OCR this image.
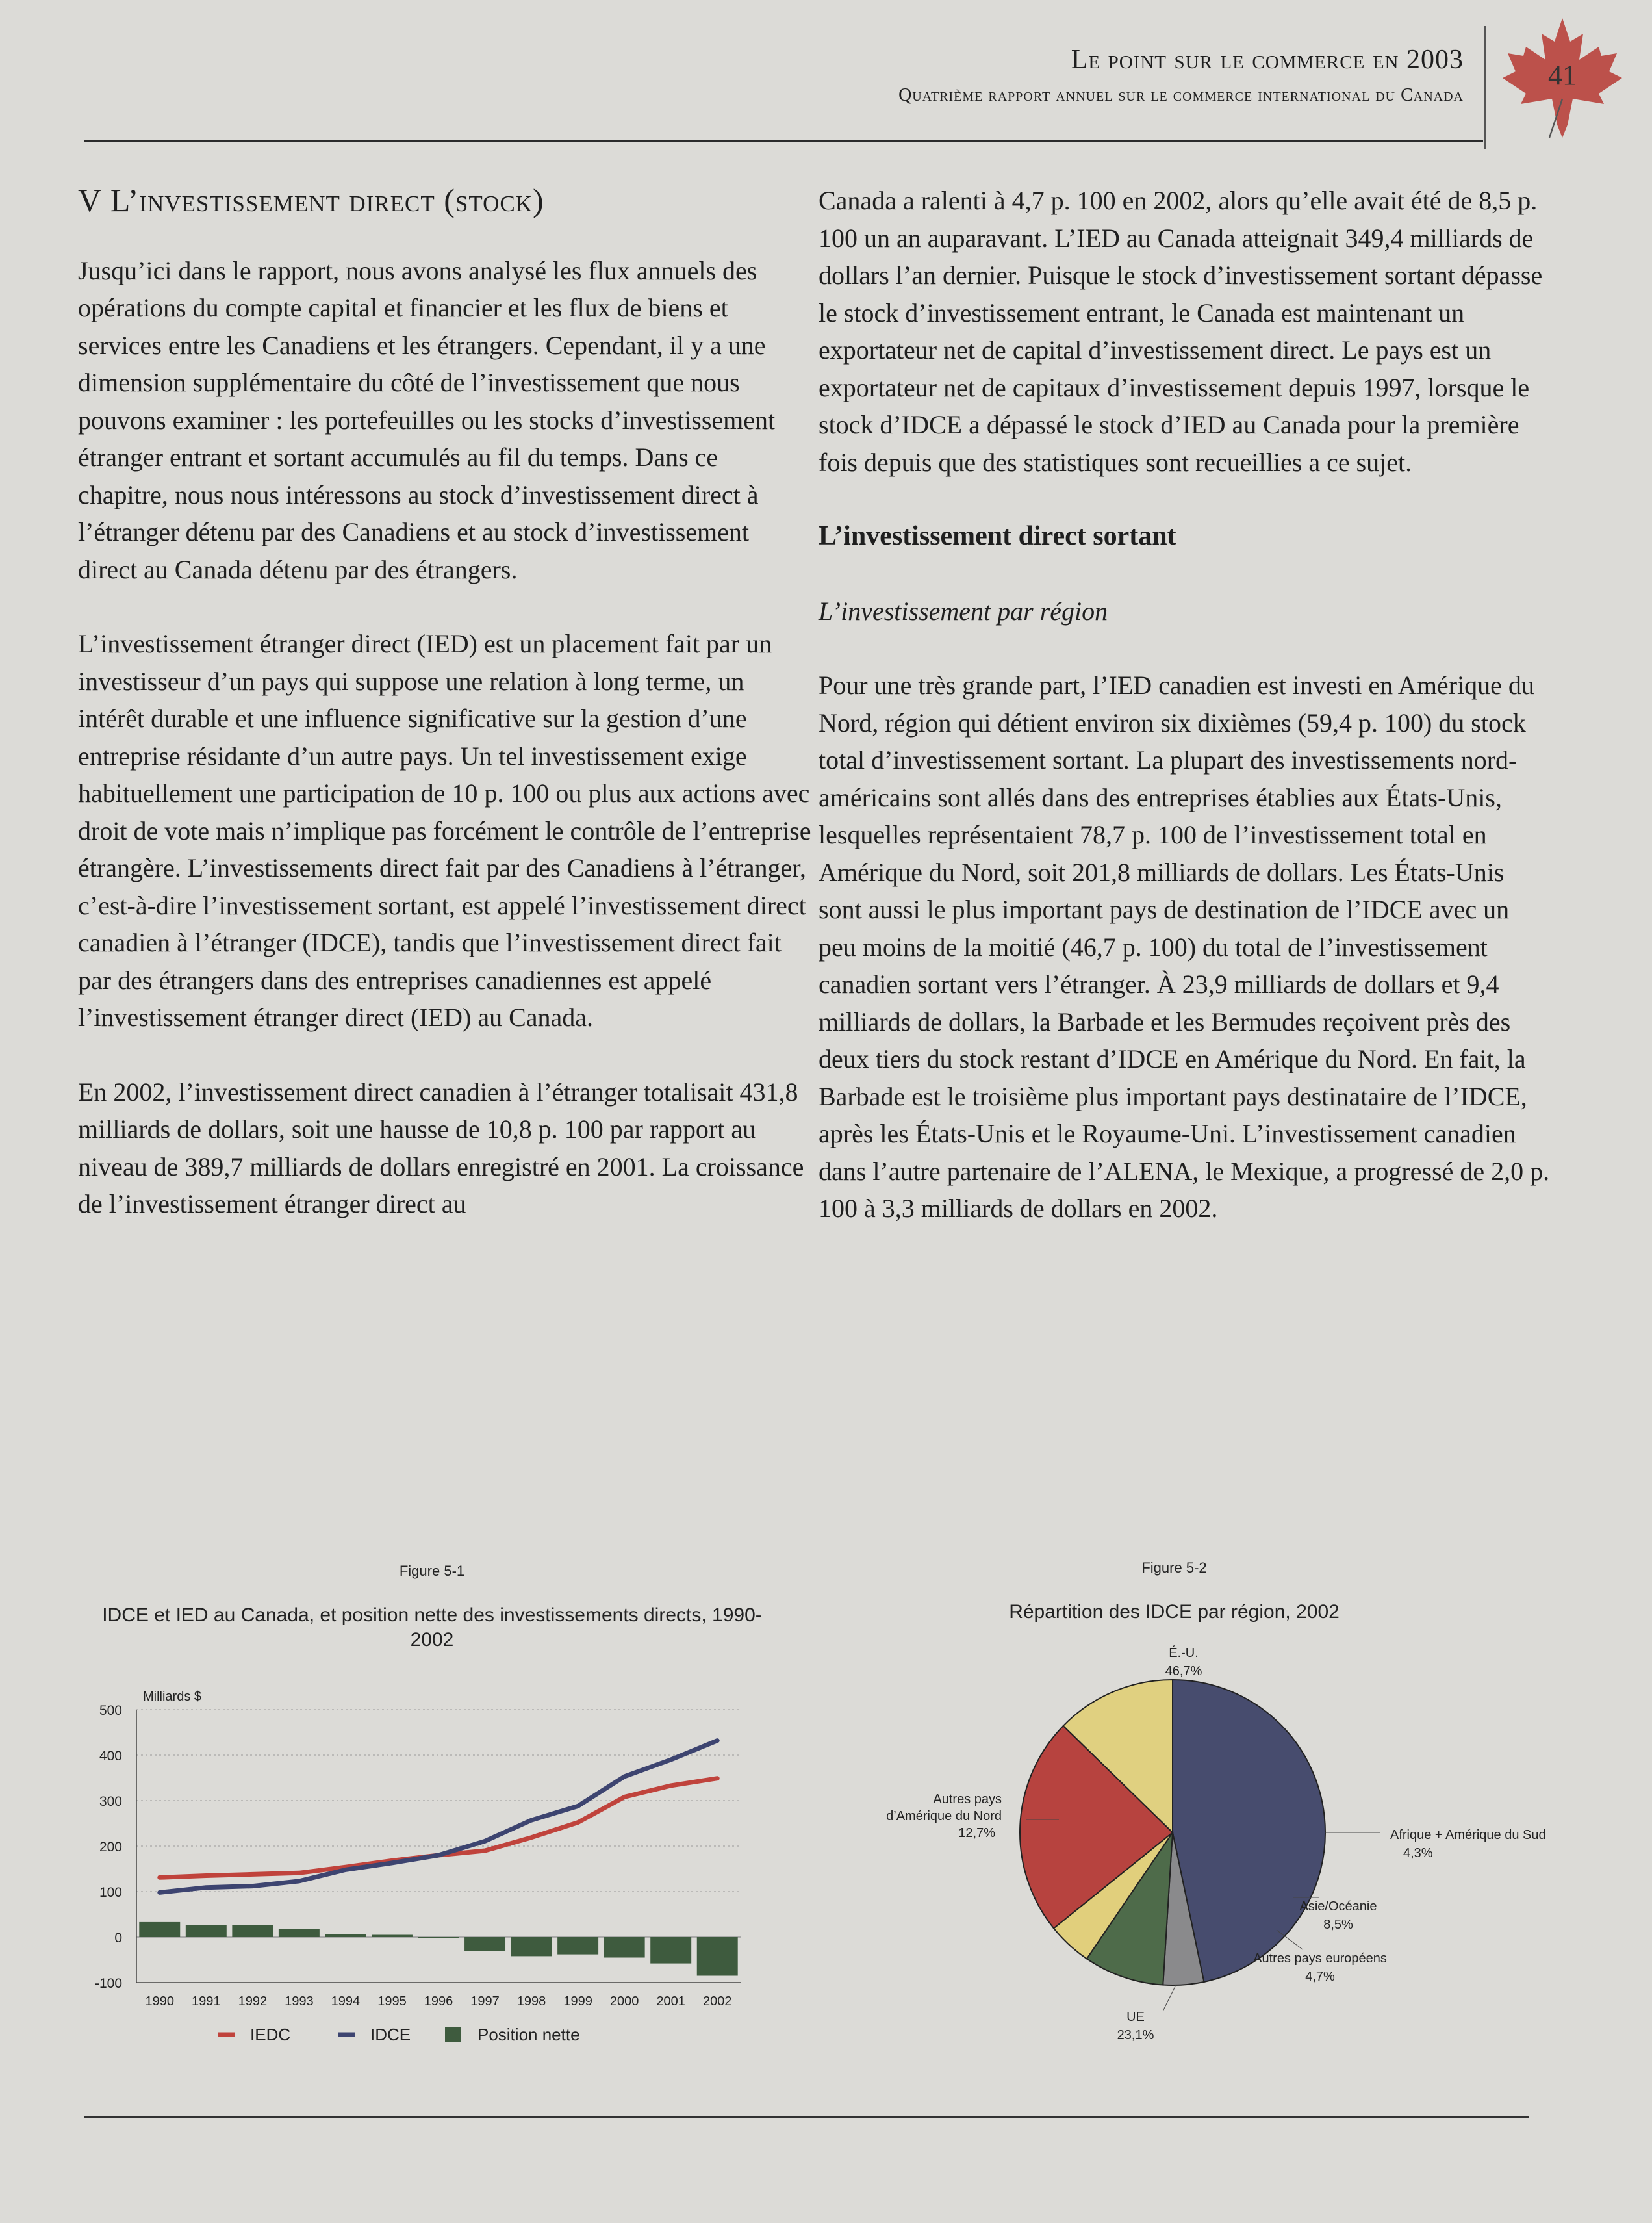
Le point sur le commerce en 2003
Quatrième rapport annuel sur le commerce international du Canada
41
V L’investissement direct (stock)

Jusqu’ici dans le rapport, nous avons analysé les flux annuels des opérations du compte capital et financier et les flux de biens et services entre les Canadiens et les étrangers. Cependant, il y a une dimension supplémentaire du côté de l’investissement que nous pouvons examiner : les portefeuilles ou les stocks d’investissement étranger entrant et sortant accumulés au fil du temps. Dans ce chapitre, nous nous intéressons au stock d’investissement direct à l’étranger détenu par des Canadiens et au stock d’investissement direct au Canada détenu par des étrangers.

L’investissement étranger direct (IED) est un placement fait par un investisseur d’un pays qui suppose une relation à long terme, un intérêt durable et une influence significative sur la gestion d’une entreprise résidante d’un autre pays. Un tel investissement exige habituellement une participation de 10 p. 100 ou plus aux actions avec droit de vote mais n’implique pas forcément le contrôle de l’entreprise étrangère. L’investissements direct fait par des Canadiens à l’étranger, c’est-à-dire l’investissement sortant, est appelé l’investissement direct canadien à l’étranger (IDCE), tandis que l’investissement direct fait par des étrangers dans des entreprises canadiennes est appelé l’investissement étranger direct (IED) au Canada.

En 2002, l’investissement direct canadien à l’étranger totalisait 431,8 milliards de dollars, soit une hausse de 10,8 p. 100 par rapport au niveau de 389,7 milliards de dollars enregistré en 2001. La croissance de l’investissement étranger direct au

Canada a ralenti à 4,7 p. 100 en 2002, alors qu’elle avait été de 8,5 p. 100 un an auparavant. L’IED au Canada atteignait 349,4 milliards de dollars l’an dernier. Puisque le stock d’investissement sortant dépasse le stock d’investissement entrant, le Canada est maintenant un exportateur net de capital d’investissement direct. Le pays est un exportateur net de capitaux d’investissement depuis 1997, lorsque le stock d’IDCE a dépassé le stock d’IED au Canada pour la première fois depuis que des statistiques sont recueillies a ce sujet.

L’investissement direct sortant
L’investissement par région

Pour une très grande part, l’IED canadien est investi en Amérique du Nord, région qui détient environ six dixièmes (59,4 p. 100) du stock total d’investissement sortant. La plupart des investissements nord-américains sont allés dans des entreprises établies aux États-Unis, lesquelles représentaient 78,7 p. 100 de l’investissement total en Amérique du Nord, soit 201,8 milliards de dollars. Les États-Unis sont aussi le plus important pays de destination de l’IDCE avec un peu moins de la moitié (46,7 p. 100) du total de l’investissement canadien sortant vers l’étranger. À 23,9 milliards de dollars et 9,4 milliards de dollars, la Barbade et les Bermudes reçoivent près des deux tiers du stock restant d’IDCE en Amérique du Nord. En fait, la Barbade est le troisième plus important pays destinataire de l’IDCE, après les États-Unis et le Royaume-Uni. L’investissement canadien dans l’autre partenaire de l’ALENA, le Mexique, a progressé de 2,0 p. 100 à 3,3 milliards de dollars en 2002.

Figure 5-1
IDCE et IED au Canada, et position nette des investissements directs, 1990-2002
500
400
300
200
100
0
-100
Milliards $
1990 1991 1992 1993 1994 1995 1996 1997 1998 1999 2000 2001 2002
IEDC	IDCE	Position nette
Figure 5-2
Répartition des IDCE par région, 2002
É.-U.
46,7%
Afrique + Amérique du Sud
4,3%
Asie/Océanie
8,5%
Autres pays européens
4,7%
UE
23,1%
Autres pays
d’Amérique du Nord
12,7%
